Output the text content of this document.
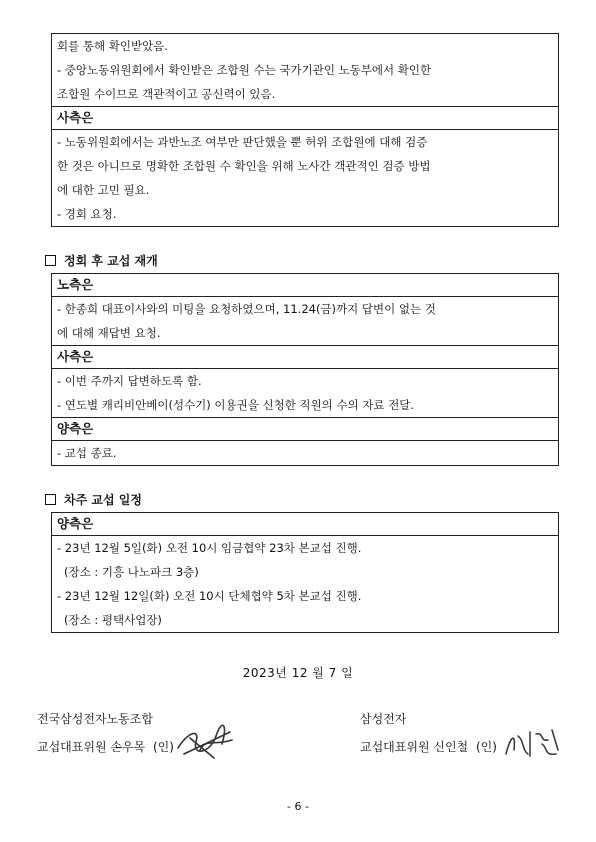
회를 통해 확인받았음.
- 중앙노동위원회에서 확인받은 조합원 수는 국가기관인 노동부에서 확인한
조합원 수이므로 객관적이고 공신력이 있음.
사측은
- 노동위원회에서는 과반노조 여부만 판단했을 뿐 허위 조합원에 대해 검증
한 것은 아니므로 명확한 조합원 수 확인을 위해 노사간 객관적인 검증 방법
에 대한 고민 필요.
- 경회 요청.
정회 후 교섭 재개
노측은
- 한종희 대표이사와의 미팅을 요청하였으며, 11.24(금)까지 답변이 없는 것
에 대해 재답변 요청.
사측은
- 이번 주까지 답변하도록 함.
- 연도별 캐리비안베이(성수기) 이용권을 신청한 직원의 수의 자료 전달.
양측은
- 교섭 종료.
차주 교섭 일정
양측은
- 23년 12월 5일(화) 오전 10시 임금협약 23차 본교섭 진행.
(장소 : 기흥 나노파크 3층)
- 23년 12월 12일(화) 오전 10시 단체협약 5차 본교섭 진행.
(장소 : 평택사업장)
2023년 12 월 7 일
전국삼성전자노동조합
교섭대표위원 손우목 (인)
삼성전자
교섭대표위원 신인철 (인)
- 6 -
